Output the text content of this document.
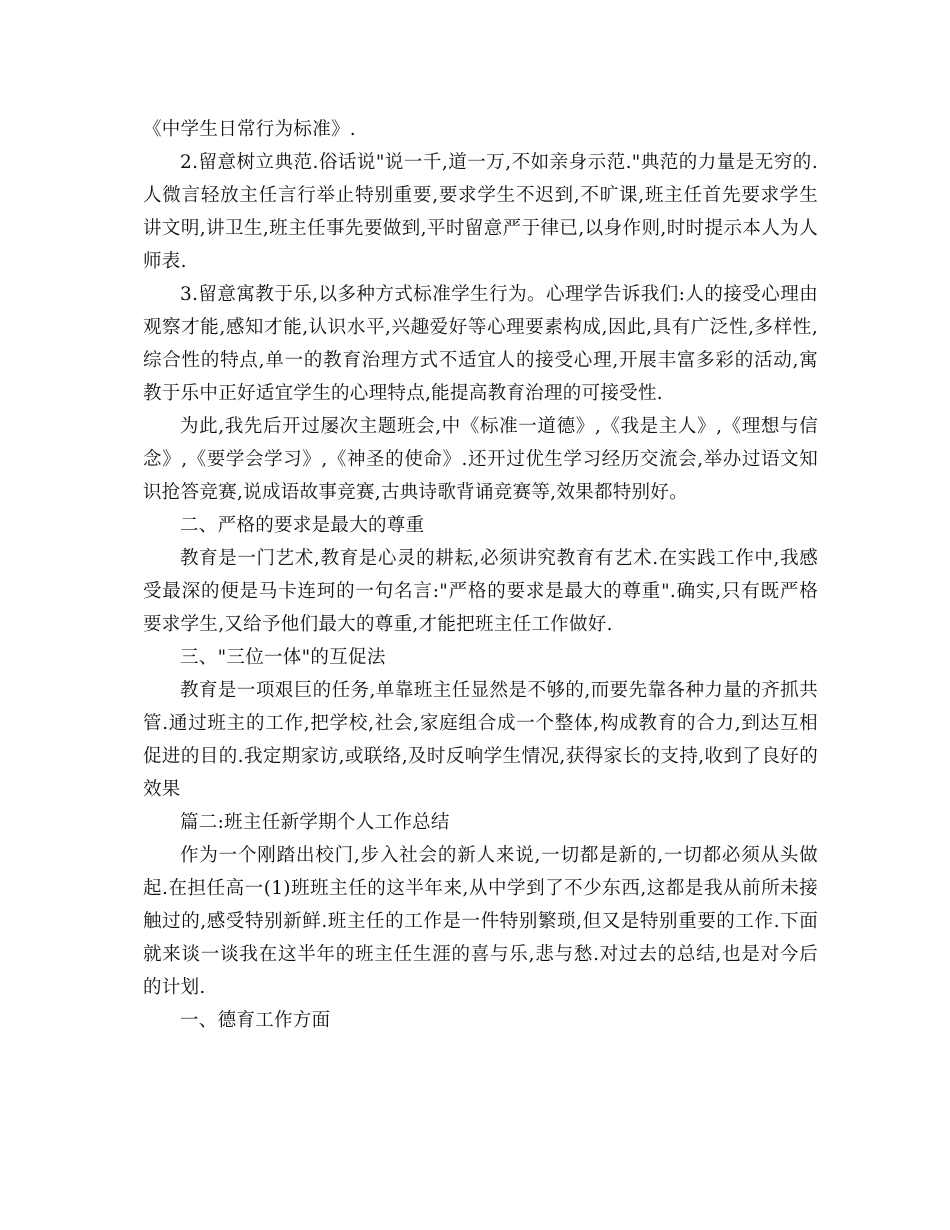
《中学生日常行为标准》.

2.留意树立典范.俗话说"说一千,道一万,不如亲身示范."典范的力量是无穷的.人微言轻放主任言行举止特别重要,要求学生不迟到,不旷课,班主任首先要求学生讲文明,讲卫生,班主任事先要做到,平时留意严于律已,以身作则,时时提示本人为人师表.

3.留意寓教于乐,以多种方式标准学生行为。心理学告诉我们:人的接受心理由观察才能,感知才能,认识水平,兴趣爱好等心理要素构成,因此,具有广泛性,多样性,综合性的特点,单一的教育治理方式不适宜人的接受心理,开展丰富多彩的活动,寓教于乐中正好适宜学生的心理特点,能提高教育治理的可接受性.

为此,我先后开过屡次主题班会,中《标准一道德》,《我是主人》,《理想与信念》,《要学会学习》,《神圣的使命》.还开过优生学习经历交流会,举办过语文知识抢答竞赛,说成语故事竞赛,古典诗歌背诵竞赛等,效果都特别好。

二、严格的要求是最大的尊重

教育是一门艺术,教育是心灵的耕耘,必须讲究教育有艺术.在实践工作中,我感受最深的便是马卡连珂的一句名言:"严格的要求是最大的尊重".确实,只有既严格要求学生,又给予他们最大的尊重,才能把班主任工作做好.

三、"三位一体"的互促法

教育是一项艰巨的任务,单靠班主任显然是不够的,而要先靠各种力量的齐抓共管.通过班主的工作,把学校,社会,家庭组合成一个整体,构成教育的合力,到达互相促进的目的.我定期家访,或联络,及时反响学生情况,获得家长的支持,收到了良好的效果

篇二:班主任新学期个人工作总结

作为一个刚踏出校门,步入社会的新人来说,一切都是新的,一切都必须从头做起.在担任高一(1)班班主任的这半年来,从中学到了不少东西,这都是我从前所未接触过的,感受特别新鲜.班主任的工作是一件特别繁琐,但又是特别重要的工作.下面就来谈一谈我在这半年的班主任生涯的喜与乐,悲与愁.对过去的总结,也是对今后的计划.

一、德育工作方面
